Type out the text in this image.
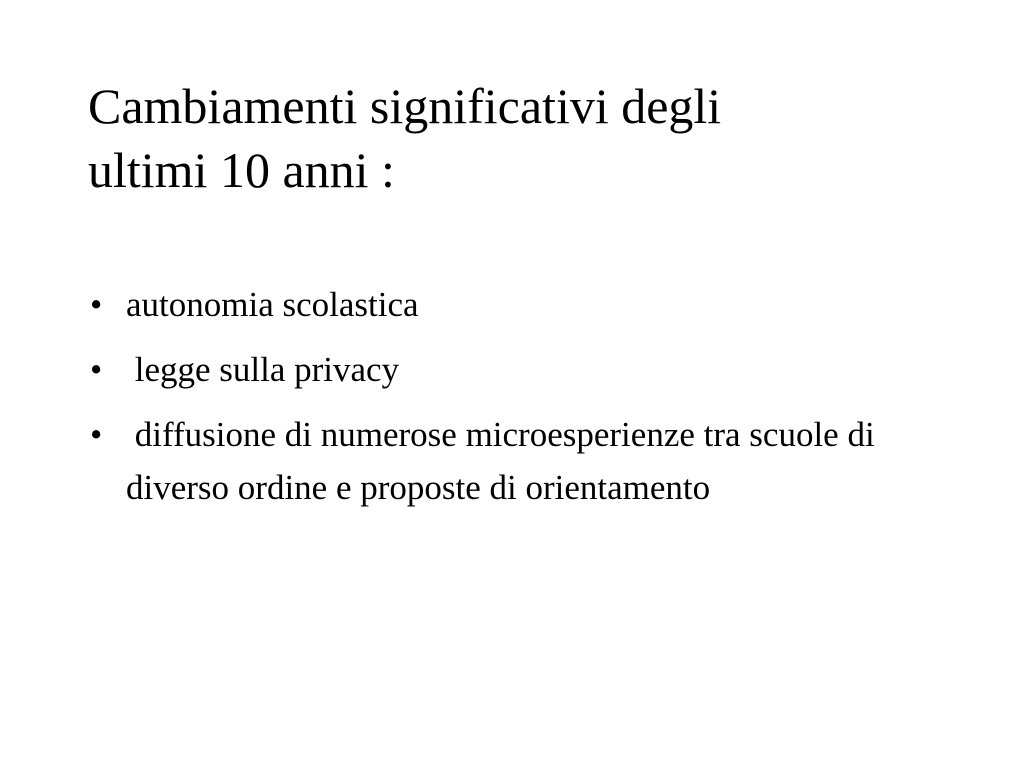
Cambiamenti significativi degli
ultimi 10 anni :
• autonomia scolastica
• legge sulla privacy
• diffusione di numerose microesperienze tra scuole di diverso ordine e proposte di orientamento
